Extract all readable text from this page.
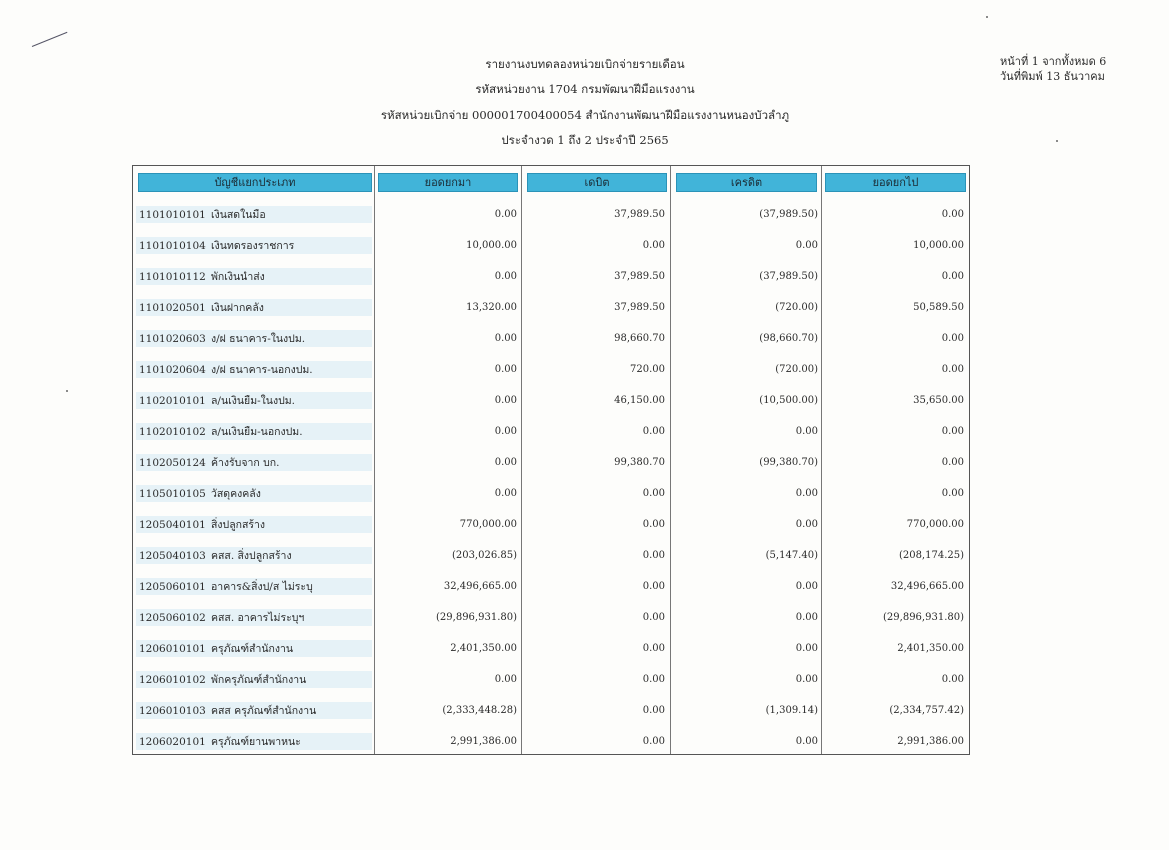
รายงานงบทดลองหน่วยเบิกจ่ายรายเดือน
รหัสหน่วยงาน 1704 กรมพัฒนาฝีมือแรงงาน
รหัสหน่วยเบิกจ่าย 000001700400054 สำนักงานพัฒนาฝีมือแรงงานหนองบัวลำภู
ประจำงวด 1 ถึง 2 ประจำปี 2565
หน้าที่ 1 จากทั้งหมด 6
วันที่พิมพ์ 13 ธันวาคม
บัญชีแยกประเภท	ยอดยกมา	เดบิต	เครดิต	ยอดยกไป
1101010101 เงินสดในมือ	0.00	37,989.50	(37,989.50)	0.00
1101010104 เงินทดรองราชการ	10,000.00	0.00	0.00	10,000.00
1101010112 พักเงินนำส่ง	0.00	37,989.50	(37,989.50)	0.00
1101020501 เงินฝากคลัง	13,320.00	37,989.50	(720.00)	50,589.50
1101020603 ง/ฝ ธนาคาร-ในงปม.	0.00	98,660.70	(98,660.70)	0.00
1101020604 ง/ฝ ธนาคาร-นอกงปม.	0.00	720.00	(720.00)	0.00
1102010101 ล/นเงินยืม-ในงปม.	0.00	46,150.00	(10,500.00)	35,650.00
1102010102 ล/นเงินยืม-นอกงปม.	0.00	0.00	0.00	0.00
1102050124 ค้างรับจาก บก.	0.00	99,380.70	(99,380.70)	0.00
1105010105 วัสดุคงคลัง	0.00	0.00	0.00	0.00
1205040101 สิ่งปลูกสร้าง	770,000.00	0.00	0.00	770,000.00
1205040103 คสส. สิ่งปลูกสร้าง	(203,026.85)	0.00	(5,147.40)	(208,174.25)
1205060101 อาคาร&สิ่งป/ส ไม่ระบุ	32,496,665.00	0.00	0.00	32,496,665.00
1205060102 คสส. อาคารไม่ระบุฯ	(29,896,931.80)	0.00	0.00	(29,896,931.80)
1206010101 ครุภัณฑ์สำนักงาน	2,401,350.00	0.00	0.00	2,401,350.00
1206010102 พักครุภัณฑ์สำนักงาน	0.00	0.00	0.00	0.00
1206010103 คสส ครุภัณฑ์สำนักงาน	(2,333,448.28)	0.00	(1,309.14)	(2,334,757.42)
1206020101 ครุภัณฑ์ยานพาหนะ	2,991,386.00	0.00	0.00	2,991,386.00
